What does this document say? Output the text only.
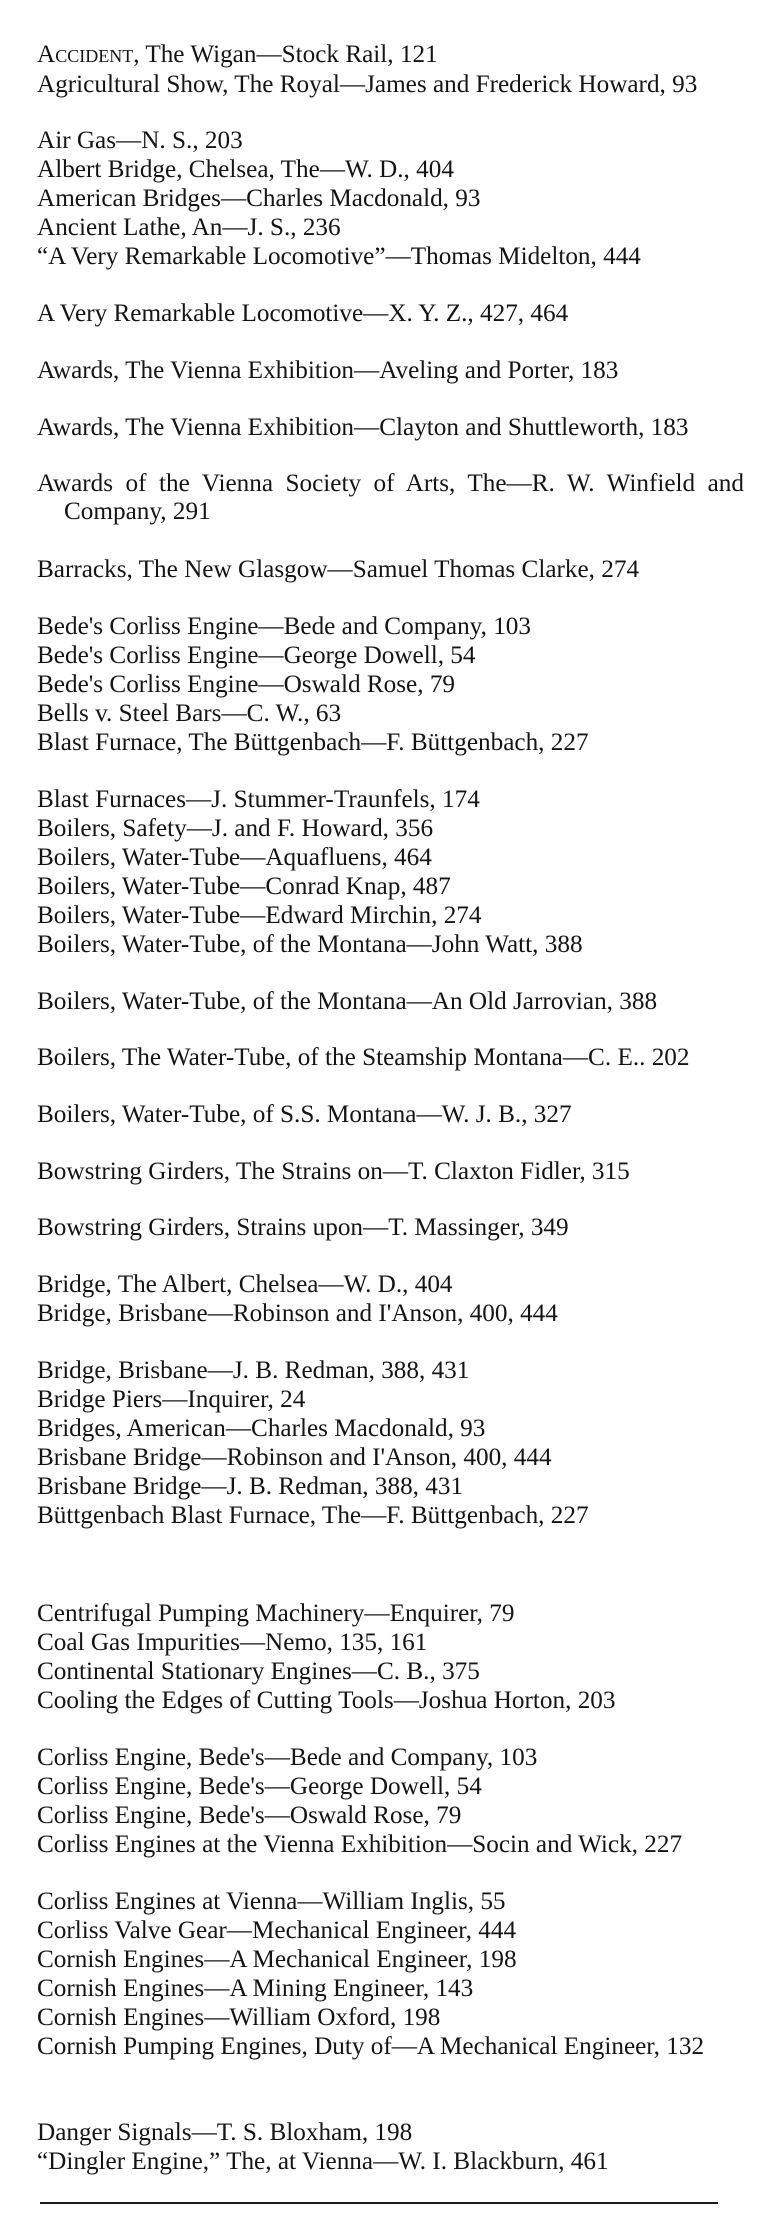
Accident, The Wigan—Stock Rail, 121

Agricultural Show, The Royal—James and Frederick Howard, 93

Air Gas—N. S., 203

Albert Bridge, Chelsea, The—W. D., 404

American Bridges—Charles Macdonald, 93

Ancient Lathe, An—J. S., 236

“A Very Remarkable Locomotive”—Thomas Midelton, 444

A Very Remarkable Locomotive—X. Y. Z., 427, 464

Awards, The Vienna Exhibition—Aveling and Porter, 183

Awards, The Vienna Exhibition—Clayton and Shuttleworth, 183

Awards of the Vienna Society of Arts, The—R. W. Winfield and Company, 291

Barracks, The New Glasgow—Samuel Thomas Clarke, 274

Bede's Corliss Engine—Bede and Company, 103

Bede's Corliss Engine—George Dowell, 54

Bede's Corliss Engine—Oswald Rose, 79

Bells v. Steel Bars—C. W., 63

Blast Furnace, The Büttgenbach—F. Büttgenbach, 227

Blast Furnaces—J. Stummer-Traunfels, 174

Boilers, Safety—J. and F. Howard, 356

Boilers, Water-Tube—Aquafluens, 464

Boilers, Water-Tube—Conrad Knap, 487

Boilers, Water-Tube—Edward Mirchin, 274

Boilers, Water-Tube, of the Montana—John Watt, 388

Boilers, Water-Tube, of the Montana—An Old Jarrovian, 388

Boilers, The Water-Tube, of the Steamship Montana—C. E.. 202

Boilers, Water-Tube, of S.S. Montana—W. J. B., 327

Bowstring Girders, The Strains on—T. Claxton Fidler, 315

Bowstring Girders, Strains upon—T. Massinger, 349

Bridge, The Albert, Chelsea—W. D., 404

Bridge, Brisbane—Robinson and I'Anson, 400, 444

Bridge, Brisbane—J. B. Redman, 388, 431

Bridge Piers—Inquirer, 24

Bridges, American—Charles Macdonald, 93

Brisbane Bridge—Robinson and I'Anson, 400, 444

Brisbane Bridge—J. B. Redman, 388, 431

Büttgenbach Blast Furnace, The—F. Büttgenbach, 227

Centrifugal Pumping Machinery—Enquirer, 79

Coal Gas Impurities—Nemo, 135, 161

Continental Stationary Engines—C. B., 375

Cooling the Edges of Cutting Tools—Joshua Horton, 203

Corliss Engine, Bede's—Bede and Company, 103

Corliss Engine, Bede's—George Dowell, 54

Corliss Engine, Bede's—Oswald Rose, 79

Corliss Engines at the Vienna Exhibition—Socin and Wick, 227

Corliss Engines at Vienna—William Inglis, 55

Corliss Valve Gear—Mechanical Engineer, 444

Cornish Engines—A Mechanical Engineer, 198

Cornish Engines—A Mining Engineer, 143

Cornish Engines—William Oxford, 198

Cornish Pumping Engines, Duty of—A Mechanical Engineer, 132

Danger Signals—T. S. Bloxham, 198

“Dingler Engine,” The, at Vienna—W. I. Blackburn, 461
